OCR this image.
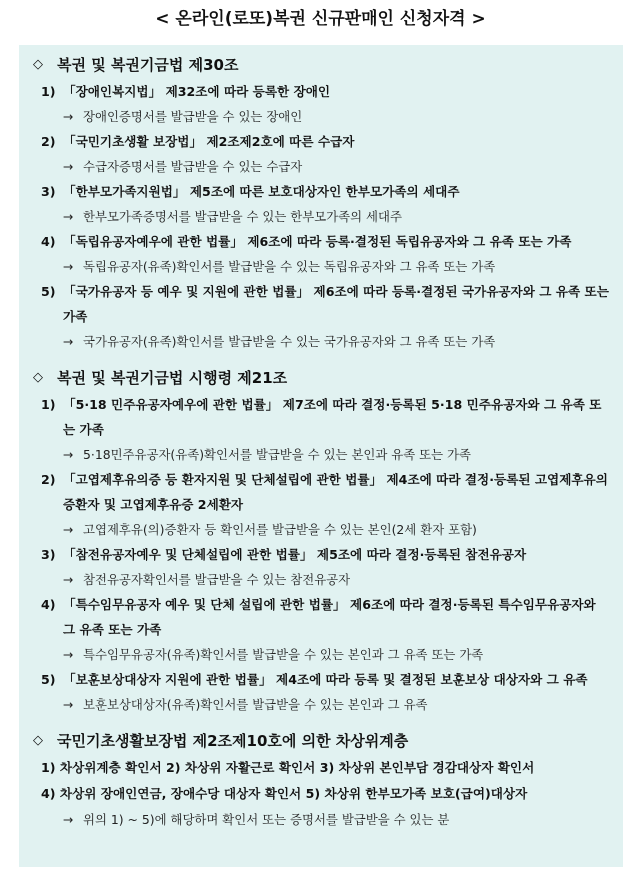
< 온라인(로또)복권 신규판매인 신청자격 >
◇ 복권 및 복권기금법 제30조
1) 「장애인복지법」 제32조에 따라 등록한 장애인
→ 장애인증명서를 발급받을 수 있는 장애인
2) 「국민기초생활 보장법」 제2조제2호에 따른 수급자
→ 수급자증명서를 발급받을 수 있는 수급자
3) 「한부모가족지원법」 제5조에 따른 보호대상자인 한부모가족의 세대주
→ 한부모가족증명서를 발급받을 수 있는 한부모가족의 세대주
4) 「독립유공자예우에 관한 법률」 제6조에 따라 등록·결정된 독립유공자와 그 유족 또는 가족
→ 독립유공자(유족)확인서를 발급받을 수 있는 독립유공자와 그 유족 또는 가족
5) 「국가유공자 등 예우 및 지원에 관한 법률」 제6조에 따라 등록·결정된 국가유공자와 그 유족 또는 가족
→ 국가유공자(유족)확인서를 발급받을 수 있는 국가유공자와 그 유족 또는 가족
◇ 복권 및 복권기금법 시행령 제21조
1) 「5·18 민주유공자예우에 관한 법률」 제7조에 따라 결정·등록된 5·18 민주유공자와 그 유족 또는 가족
→ 5·18민주유공자(유족)확인서를 발급받을 수 있는 본인과 유족 또는 가족
2) 「고엽제후유의증 등 환자지원 및 단체설립에 관한 법률」 제4조에 따라 결정·등록된 고엽제후유의증환자 및 고엽제후유증 2세환자
→ 고엽제후유(의)증환자 등 확인서를 발급받을 수 있는 본인(2세 환자 포함)
3) 「참전유공자예우 및 단체설립에 관한 법률」 제5조에 따라 결정·등록된 참전유공자
→ 참전유공자확인서를 발급받을 수 있는 참전유공자
4) 「특수임무유공자 예우 및 단체 설립에 관한 법률」 제6조에 따라 결정·등록된 특수임무유공자와 그 유족 또는 가족
→ 특수임무유공자(유족)확인서를 발급받을 수 있는 본인과 그 유족 또는 가족
5) 「보훈보상대상자 지원에 관한 법률」 제4조에 따라 등록 및 결정된 보훈보상 대상자와 그 유족
→ 보훈보상대상자(유족)확인서를 발급받을 수 있는 본인과 그 유족
◇ 국민기초생활보장법 제2조제10호에 의한 차상위계층
1) 차상위계층 확인서 2) 차상위 자활근로 확인서 3) 차상위 본인부담 경감대상자 확인서
4) 차상위 장애인연금, 장애수당 대상자 확인서 5) 차상위 한부모가족 보호(급여)대상자
→ 위의 1) ~ 5)에 해당하며 확인서 또는 증명서를 발급받을 수 있는 분
